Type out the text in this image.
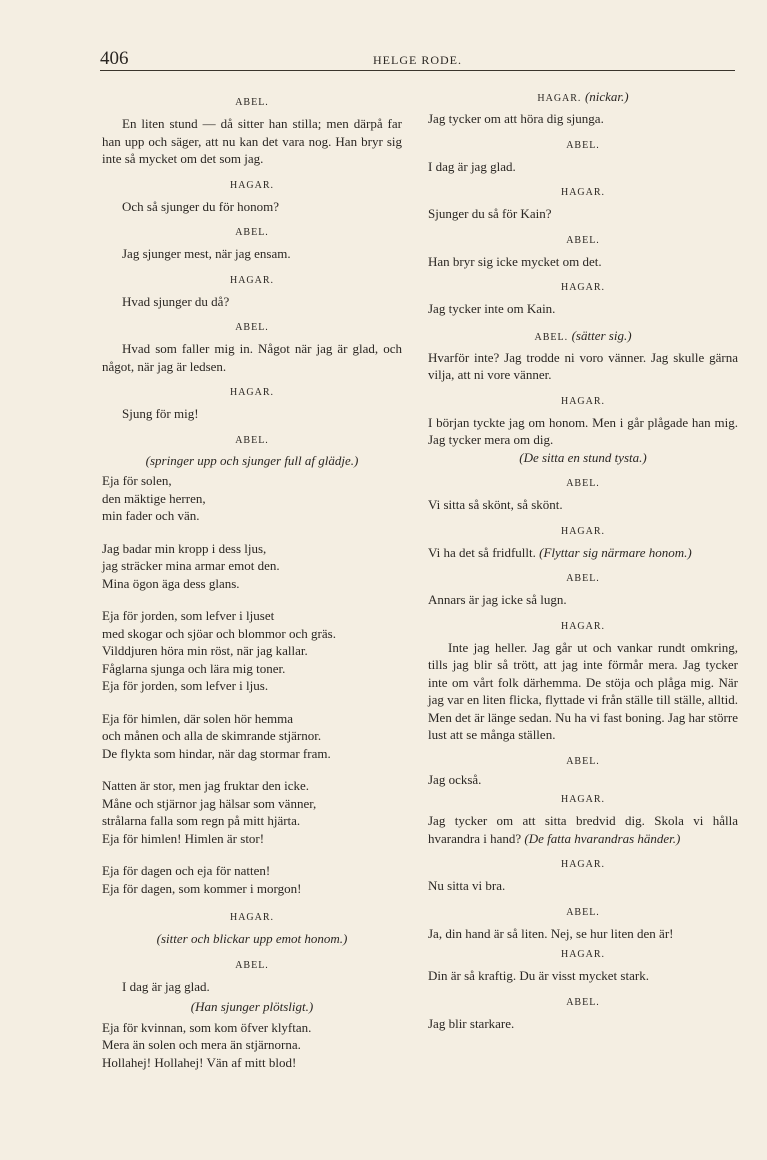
406	HELGE RODE.
ABEL.

En liten stund — då sitter han stilla; men därpå far han upp och säger, att nu kan det vara nog. Han bryr sig inte så mycket om det som jag.

HAGAR.

Och så sjunger du för honom?

ABEL.

Jag sjunger mest, när jag ensam.

HAGAR.

Hvad sjunger du då?

ABEL.

Hvad som faller mig in. Något när jag är glad, och något, när jag är ledsen.

HAGAR.

Sjung för mig!

ABEL.
(springer upp och sjunger full af glädje.)
Eja för solen,
den mäktige herren,
min fader och vän.
Jag badar min kropp i dess ljus,
jag sträcker mina armar emot den.
Mina ögon äga dess glans.
Eja för jorden, som lefver i ljuset
med skogar och sjöar och blommor och gräs.
Vilddjuren höra min röst, när jag kallar.
Fåglarna sjunga och lära mig toner.
Eja för jorden, som lefver i ljus.
Eja för himlen, där solen hör hemma
och månen och alla de skimrande stjärnor.
De flykta som hindar, när dag stormar fram.
Natten är stor, men jag fruktar den icke.
Måne och stjärnor jag hälsar som vänner,
strålarna falla som regn på mitt hjärta.
Eja för himlen! Himlen är stor!
Eja för dagen och eja för natten!
Eja för dagen, som kommer i morgon!
HAGAR.
(sitter och blickar upp emot honom.)
ABEL.

I dag är jag glad.

(Han sjunger plötsligt.)
Eja för kvinnan, som kom öfver klyftan.
Mera än solen och mera än stjärnorna.
Hollahej! Hollahej! Vän af mitt blod!
HAGAR. (nickar.)

Jag tycker om att höra dig sjunga.

ABEL.

I dag är jag glad.

HAGAR.

Sjunger du så för Kain?

ABEL.

Han bryr sig icke mycket om det.

HAGAR.

Jag tycker inte om Kain.

ABEL. (sätter sig.)

Hvarför inte? Jag trodde ni voro vänner. Jag skulle gärna vilja, att ni vore vänner.

HAGAR.

I början tyckte jag om honom. Men i går plågade han mig. Jag tycker mera om dig.

(De sitta en stund tysta.)
ABEL.

Vi sitta så skönt, så skönt.

HAGAR.

Vi ha det så fridfullt. (Flyttar sig närmare honom.)

ABEL.

Annars är jag icke så lugn.

HAGAR.

Inte jag heller. Jag går ut och vankar rundt omkring, tills jag blir så trött, att jag inte förmår mera. Jag tycker inte om vårt folk därhemma. De stöja och plåga mig. När jag var en liten flicka, flyttade vi från ställe till ställe, alltid. Men det är länge sedan. Nu ha vi fast boning. Jag har större lust att se många ställen.

ABEL.

Jag också.

HAGAR.

Jag tycker om att sitta bredvid dig. Skola vi hålla hvarandra i hand? (De fatta hvarandras händer.)

HAGAR.

Nu sitta vi bra.

ABEL.

Ja, din hand är så liten. Nej, se hur liten den är!

HAGAR.

Din är så kraftig. Du är visst mycket stark.

ABEL.

Jag blir starkare.
